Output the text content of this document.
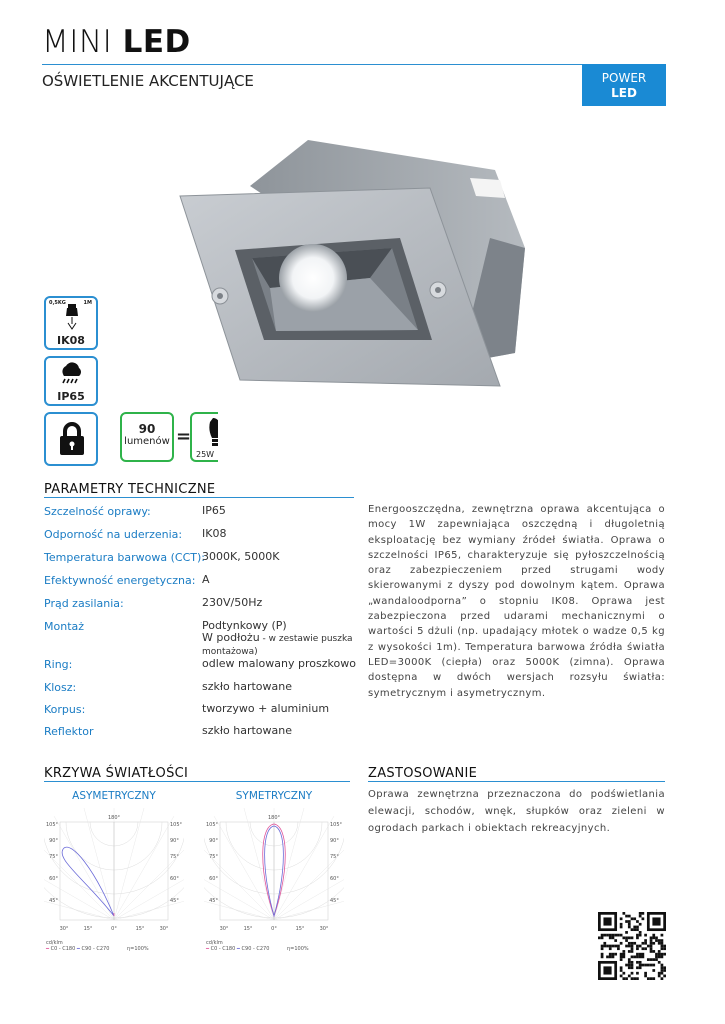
MINI LED
OŚWIETLENIE AKCENTUJĄCE	POWER
LED
0,5KG	1M
IK08
IP65
90
lumenów =
25W
PARAMETRY TECHNICZNE
Szczelność oprawy:	IP65
Odporność na uderzenia: IK08
Temperatura barwowa (CCT):
3000K, 5000K
Efektywność energetyczna: A
Prąd zasilania:	230V/50Hz
Montaż	Podtynkowy (P)
W podłożu - w zestawie puszka montażowa)
Ring:	odlew malowany proszkowo
Klosz:	szkło hartowane
Korpus:	tworzywo + aluminium
Reflektor	szkło hartowane
Energooszczędna, zewnętrzna oprawa akcentująca o mocy 1W zapewniająca oszczędną i długoletnią eksploatację bez wymiany źródeł światła. Oprawa o szczelności IP65, charakteryzuje się pyłoszczelnością oraz zabezpieczeniem przed strugami wody skierowanymi z dyszy pod dowolnym kątem. Oprawa „wandaloodporna” o stopniu IK08. Oprawa jest zabezpieczona przed udarami mechanicznymi o wartości 5 dżuli (np. upadający młotek o wadze 0,5 kg z wysokości 1m). Temperatura barwowa źródła światła LED=3000K (ciepła) oraz 5000K (zimna). Oprawa dostępna w dwóch wersjach rozsyłu światła: symetrycznym i asymetrycznym.
KRZYWA ŚWIATŁOŚCI
ASYMETRYCZNY
180°
105°
90°
75°
60°
45°
105°
90°
75°
60°
45°
30°	15°	0°	15°	30°
cd/klm
━ C0 - C180 ━ C90 - C270	η=100%
SYMETRYCZNY
180°
105°
90°
75°
60°
45°
105°
90°
75°
60°
45°
30°	15°	0°	15°	30°
cd/klm
━ C0 - C180 ━ C90 - C270	η=100%
ZASTOSOWANIE
Oprawa zewnętrzna przeznaczona do podświetlania elewacji, schodów, wnęk, słupków oraz zieleni w ogrodach parkach i obiektach rekreacyjnych.
